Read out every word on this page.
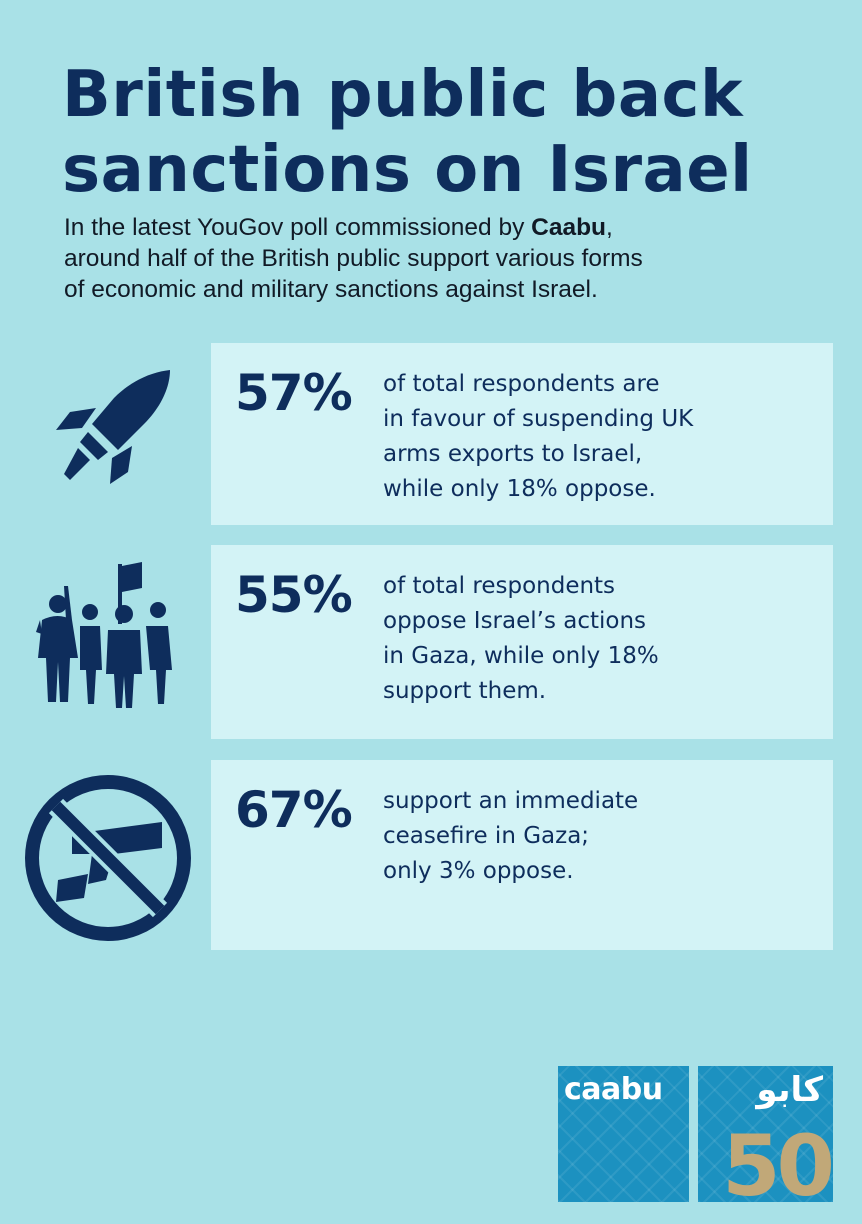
British public back
sanctions on Israel

In the latest YouGov poll commissioned by Caabu,
around half of the British public support various forms
of economic and military sanctions against Israel.

57% of total respondents are
in favour of suspending UK
arms exports to Israel,
while only 18% oppose.
55% of total respondents
oppose Israel’s actions
in Gaza, while only 18%
support them.
67% support an immediate
ceasefire in Gaza;
only 3% oppose.
caabu	كابو
50
